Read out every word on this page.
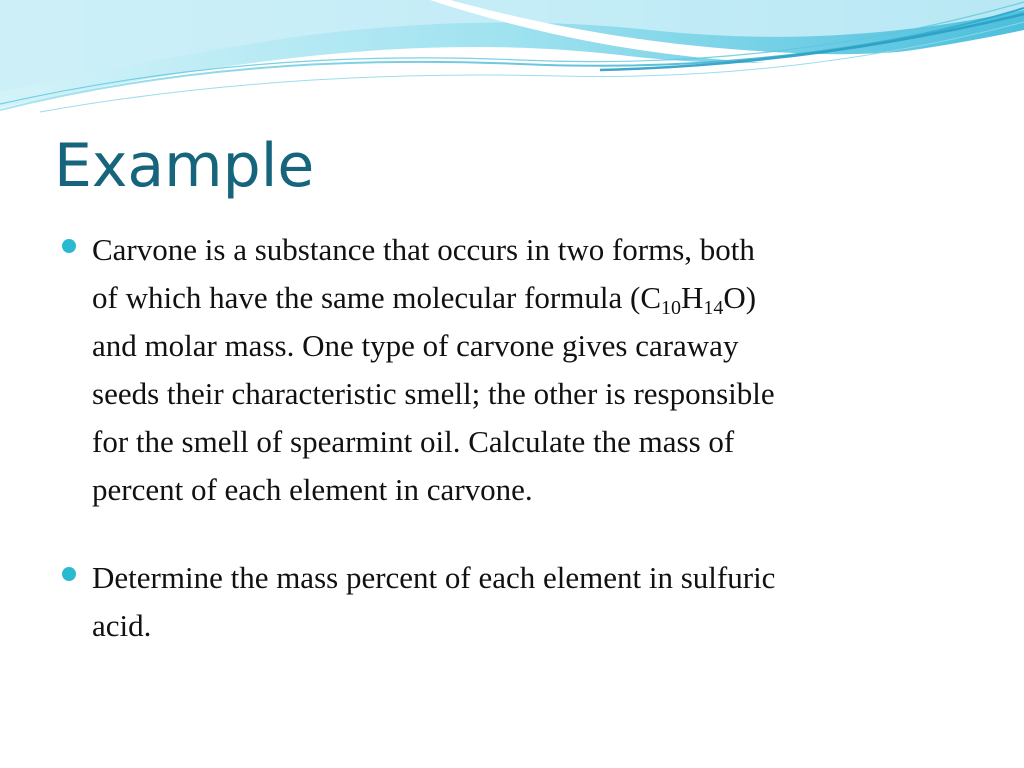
Example
Carvone is a substance that occurs in two forms, both
of which have the same molecular formula $(C_{10}H_{14}O)$
and molar mass. One type of carvone gives caraway
seeds their characteristic smell; the other is responsible
for the smell of spearmint oil. Calculate the mass of
percent of each element in carvone.
Determine the mass percent of each element in sulfuric
acid.
